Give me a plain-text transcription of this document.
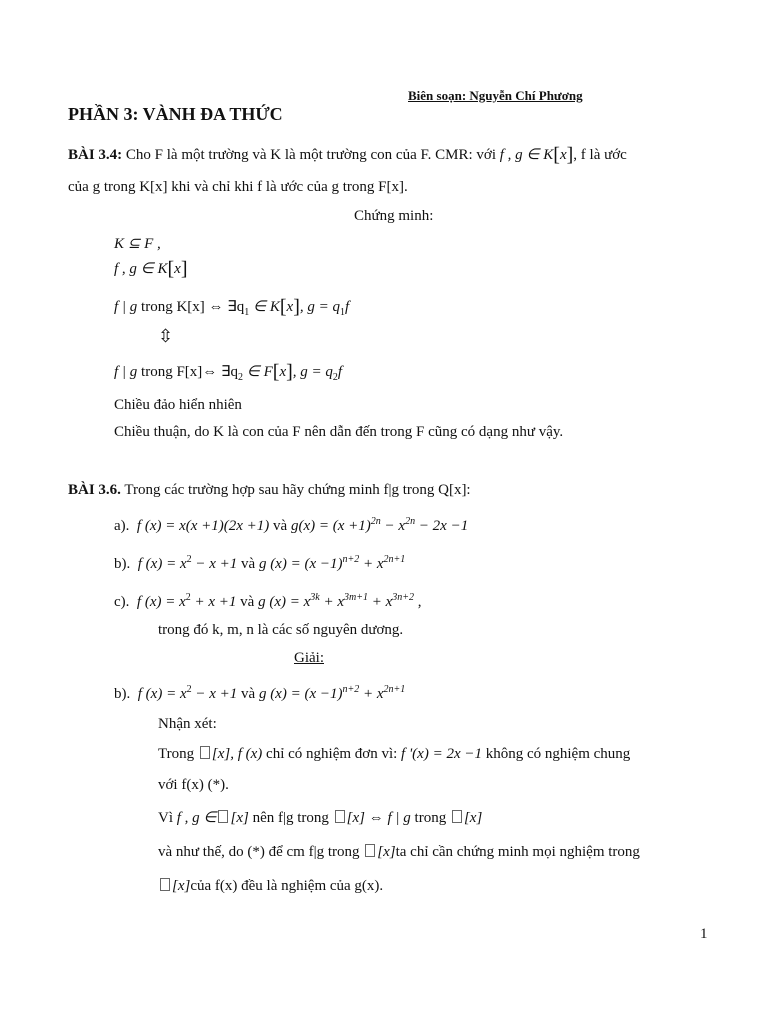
Biên soạn: Nguyễn Chí Phương
PHẦN 3: VÀNH ĐA THỨC
BÀI 3.4: Cho F là một trường và K là một trường con của F. CMR: với f , g ∈ K[x], f là ước
của g trong K[x] khi và chỉ khi f là ước của g trong F[x].
Chứng minh:
K ⊆ F ,
f , g ∈ K[x]
f | g trong K[x] ⇔ $\exists q_1$ ∈ K[x], $g = q_1f$
⇳
f | g trong F[x]⇔ $\exists q_2$ ∈ F[x], $g = q_2f$
Chiều đảo hiển nhiên
Chiều thuận, do K là con của F nên dẫn đến trong F cũng có dạng như vậy.
BÀI 3.6. Trong các trường hợp sau hãy chứng minh f|g trong Q[x]:
a). f (x) = x(x +1)(2x +1) và $g(x) = (x +1)^{2n} - x^{2n} - 2x -1$
b). f $(x) = x^2 - x +1$ và g $(x) = (x -1)^{n+2} + x^{2n+1}$
c). f $(x) = x^2 + x +1$ và g $(x) = x^{3k} + x^{3m+1} + x^{3n+2}$ ,
trong đó k, m, n là các số nguyên dương.
Giải:
b). f $(x) = x^2 - x +1$ và g $(x) = (x -1)^{n+2} + x^{2n+1}$
Nhận xét:
Trong [x], f (x) chỉ có nghiệm đơn vì: f '(x) = 2x −1 không có nghiệm chung
với f(x) (*).
Vì f , g ∈ [x] nên f|g trong [x] ⇔ f | g trong [x]
và như thế, do (*) để cm f|g trong [x]ta chỉ cần chứng minh mọi nghiệm trong
[x]của f(x) đều là nghiệm của g(x).
1
